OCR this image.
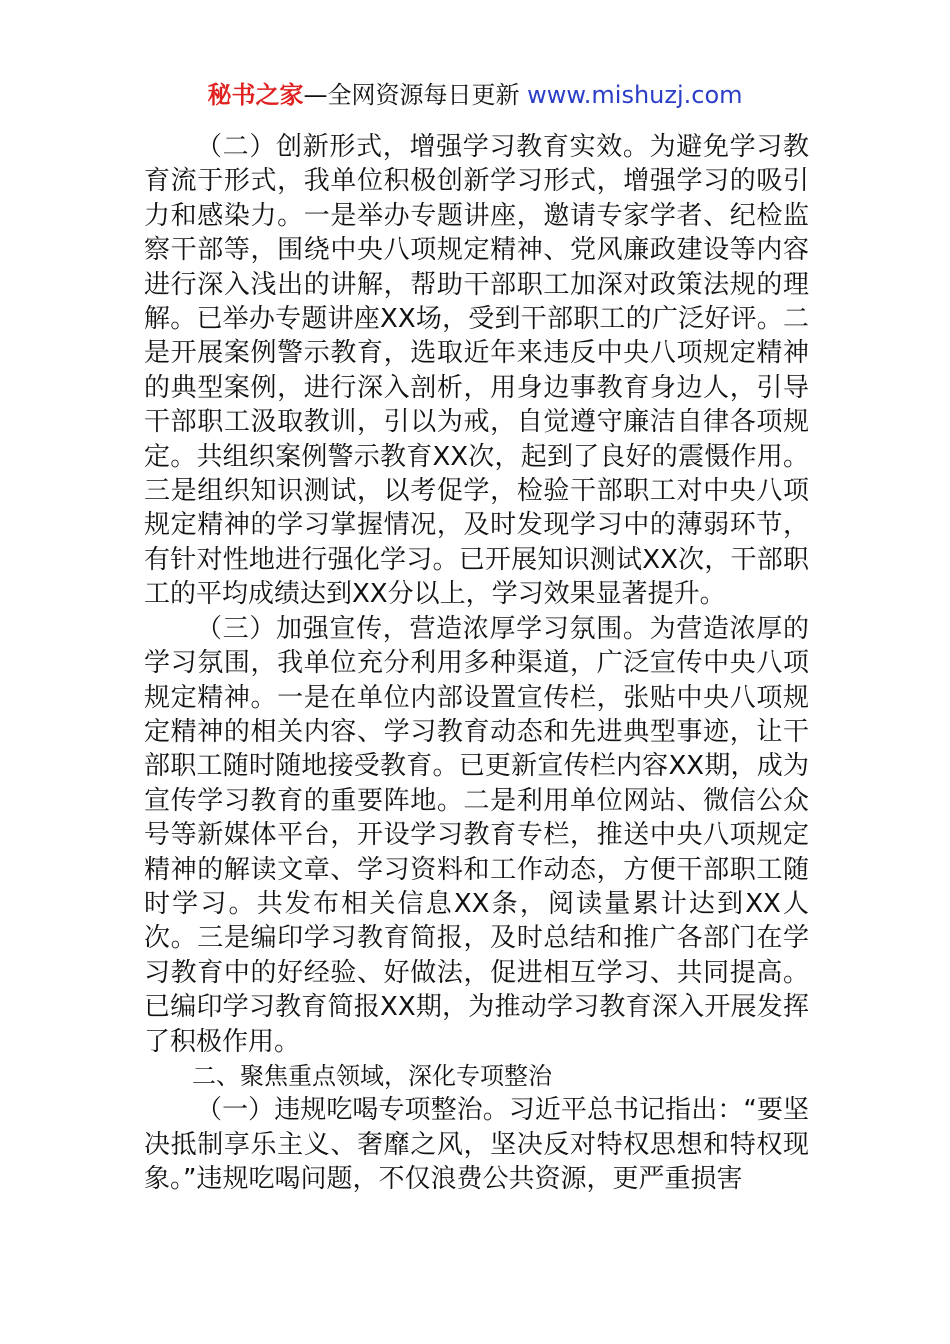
秘书之家—全网资源每日更新 www.mishuzj.com

（二）创新形式，增强学习教育实效。为避免学习教育流于形式，我单位积极创新学习形式，增强学习的吸引力和感染力。一是举办专题讲座，邀请专家学者、纪检监察干部等，围绕中央八项规定精神、党风廉政建设等内容进行深入浅出的讲解，帮助干部职工加深对政策法规的理解。已举办专题讲座XX场，受到干部职工的广泛好评。二是开展案例警示教育，选取近年来违反中央八项规定精神的典型案例，进行深入剖析，用身边事教育身边人，引导干部职工汲取教训，引以为戒，自觉遵守廉洁自律各项规定。共组织案例警示教育XX次，起到了良好的震慑作用。三是组织知识测试，以考促学，检验干部职工对中央八项规定精神的学习掌握情况，及时发现学习中的薄弱环节，有针对性地进行强化学习。已开展知识测试XX次，干部职工的平均成绩达到XX分以上，学习效果显著提升。

（三）加强宣传，营造浓厚学习氛围。为营造浓厚的学习氛围，我单位充分利用多种渠道，广泛宣传中央八项规定精神。一是在单位内部设置宣传栏，张贴中央八项规定精神的相关内容、学习教育动态和先进典型事迹，让干部职工随时随地接受教育。已更新宣传栏内容XX期，成为宣传学习教育的重要阵地。二是利用单位网站、微信公众号等新媒体平台，开设学习教育专栏，推送中央八项规定精神的解读文章、学习资料和工作动态，方便干部职工随时学习。共发布相关信息XX条，阅读量累计达到XX人次。三是编印学习教育简报，及时总结和推广各部门在学习教育中的好经验、好做法，促进相互学习、共同提高。已编印学习教育简报XX期，为推动学习教育深入开展发挥了积极作用。

二、聚焦重点领域，深化专项整治

（一）违规吃喝专项整治。习近平总书记指出：“要坚决抵制享乐主义、奢靡之风，坚决反对特权思想和特权现象。”违规吃喝问题，不仅浪费公共资源，更严重损害
